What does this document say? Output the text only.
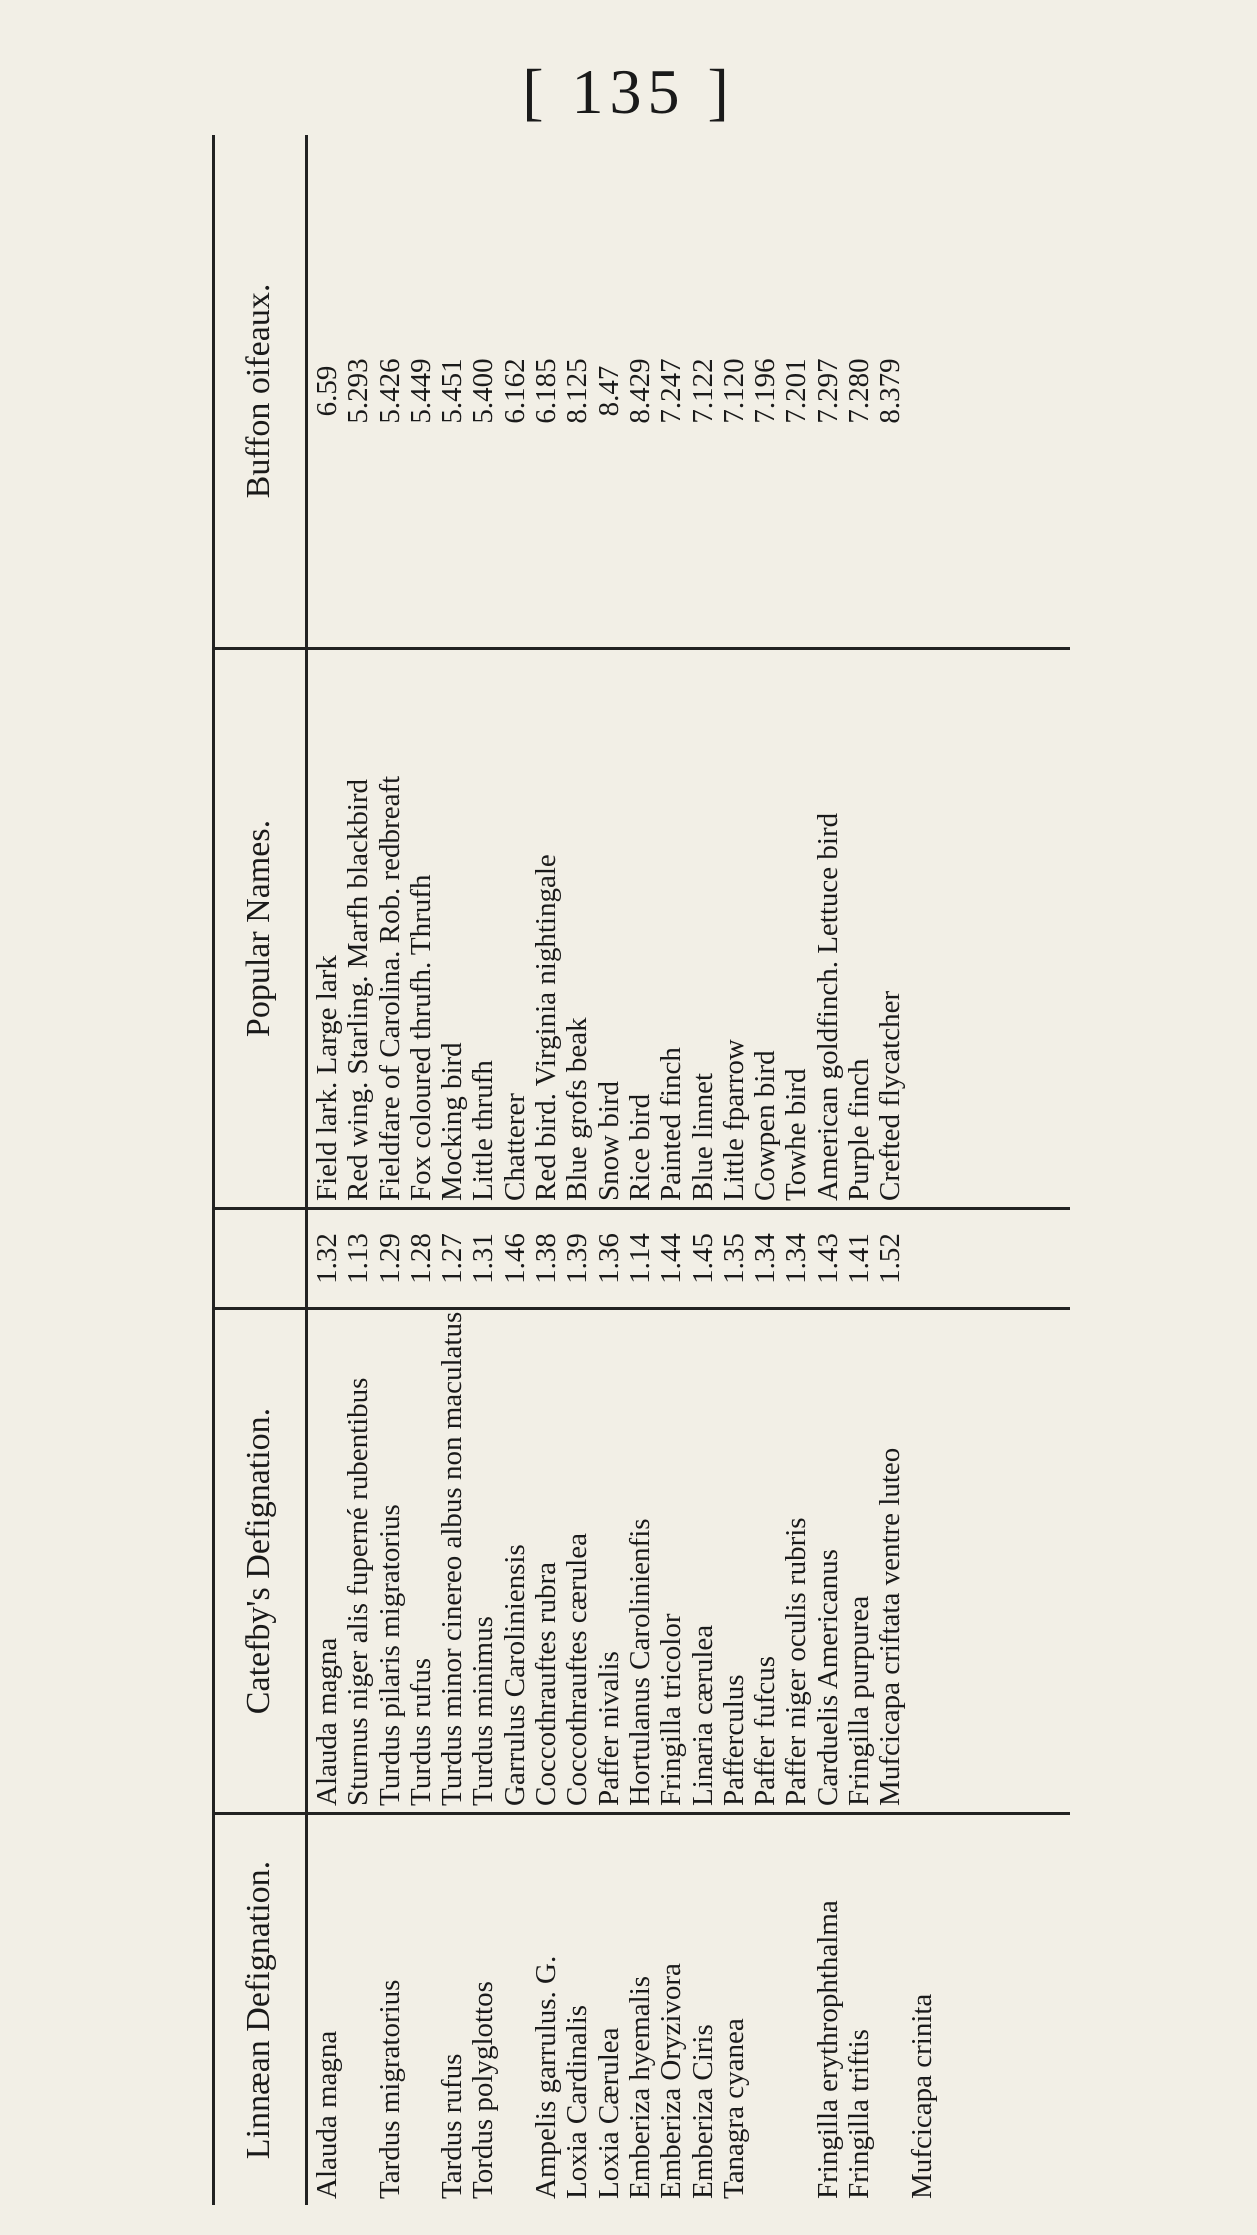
[ 135 ]
Linnæan Defignation.	Alauda magna Tardus migratorius Tardus rufus Tordus polyglottos Ampelis garrulus. G. Loxia Cardinalis Loxia Cærulea Emberiza hyemalis Emberiza Oryzivora Emberiza Ciris Tanagra cyanea Fringilla erythrophthalma Fringilla triftis Mufcicapa crinita
Catefby's Defignation.
Alauda magna Sturnus niger alis fuperné rubentibus Turdus pilaris migratorius Turdus rufus Turdus minor cinereo albus non maculatus Turdus minimus Garrulus Caroliniensis Coccothrauftes rubra Coccothrauftes cærulea Paffer nivalis Hortulanus Carolinienfis Fringilla tricolor Linaria cærulea Pafferculus Paffer fufcus Paffer niger oculis rubris Carduelis Americanus Fringilla purpurea Mufcicapa criftata ventre luteo
1.32 1.13 1.29 1.28 1.27 1.31 1.46 1.38 1.39 1.36 1.14 1.44 1.45 1.35 1.34 1.34 1.43 1.41 1.52
Popular Names.
Field lark. Large lark Red wing. Starling. Marfh blackbird Fieldfare of Carolina. Rob. redbreaft Fox coloured thrufh. Thrufh Mocking bird Little thrufh Chatterer Red bird. Virginia nightingale Blue grofs beak Snow bird Rice bird Painted finch Blue linnet Little fparrow Cowpen bird Towhe bird American goldfinch. Lettuce bird Purple finch Crefted flycatcher
Buffon oifeaux.	6.59 5.293 5.426 5.449 5.451 5.400 6.162 6.185 8.125 8.47 8.429 7.247 7.122 7.120 7.196 7.201 7.297 7.280 8.379
